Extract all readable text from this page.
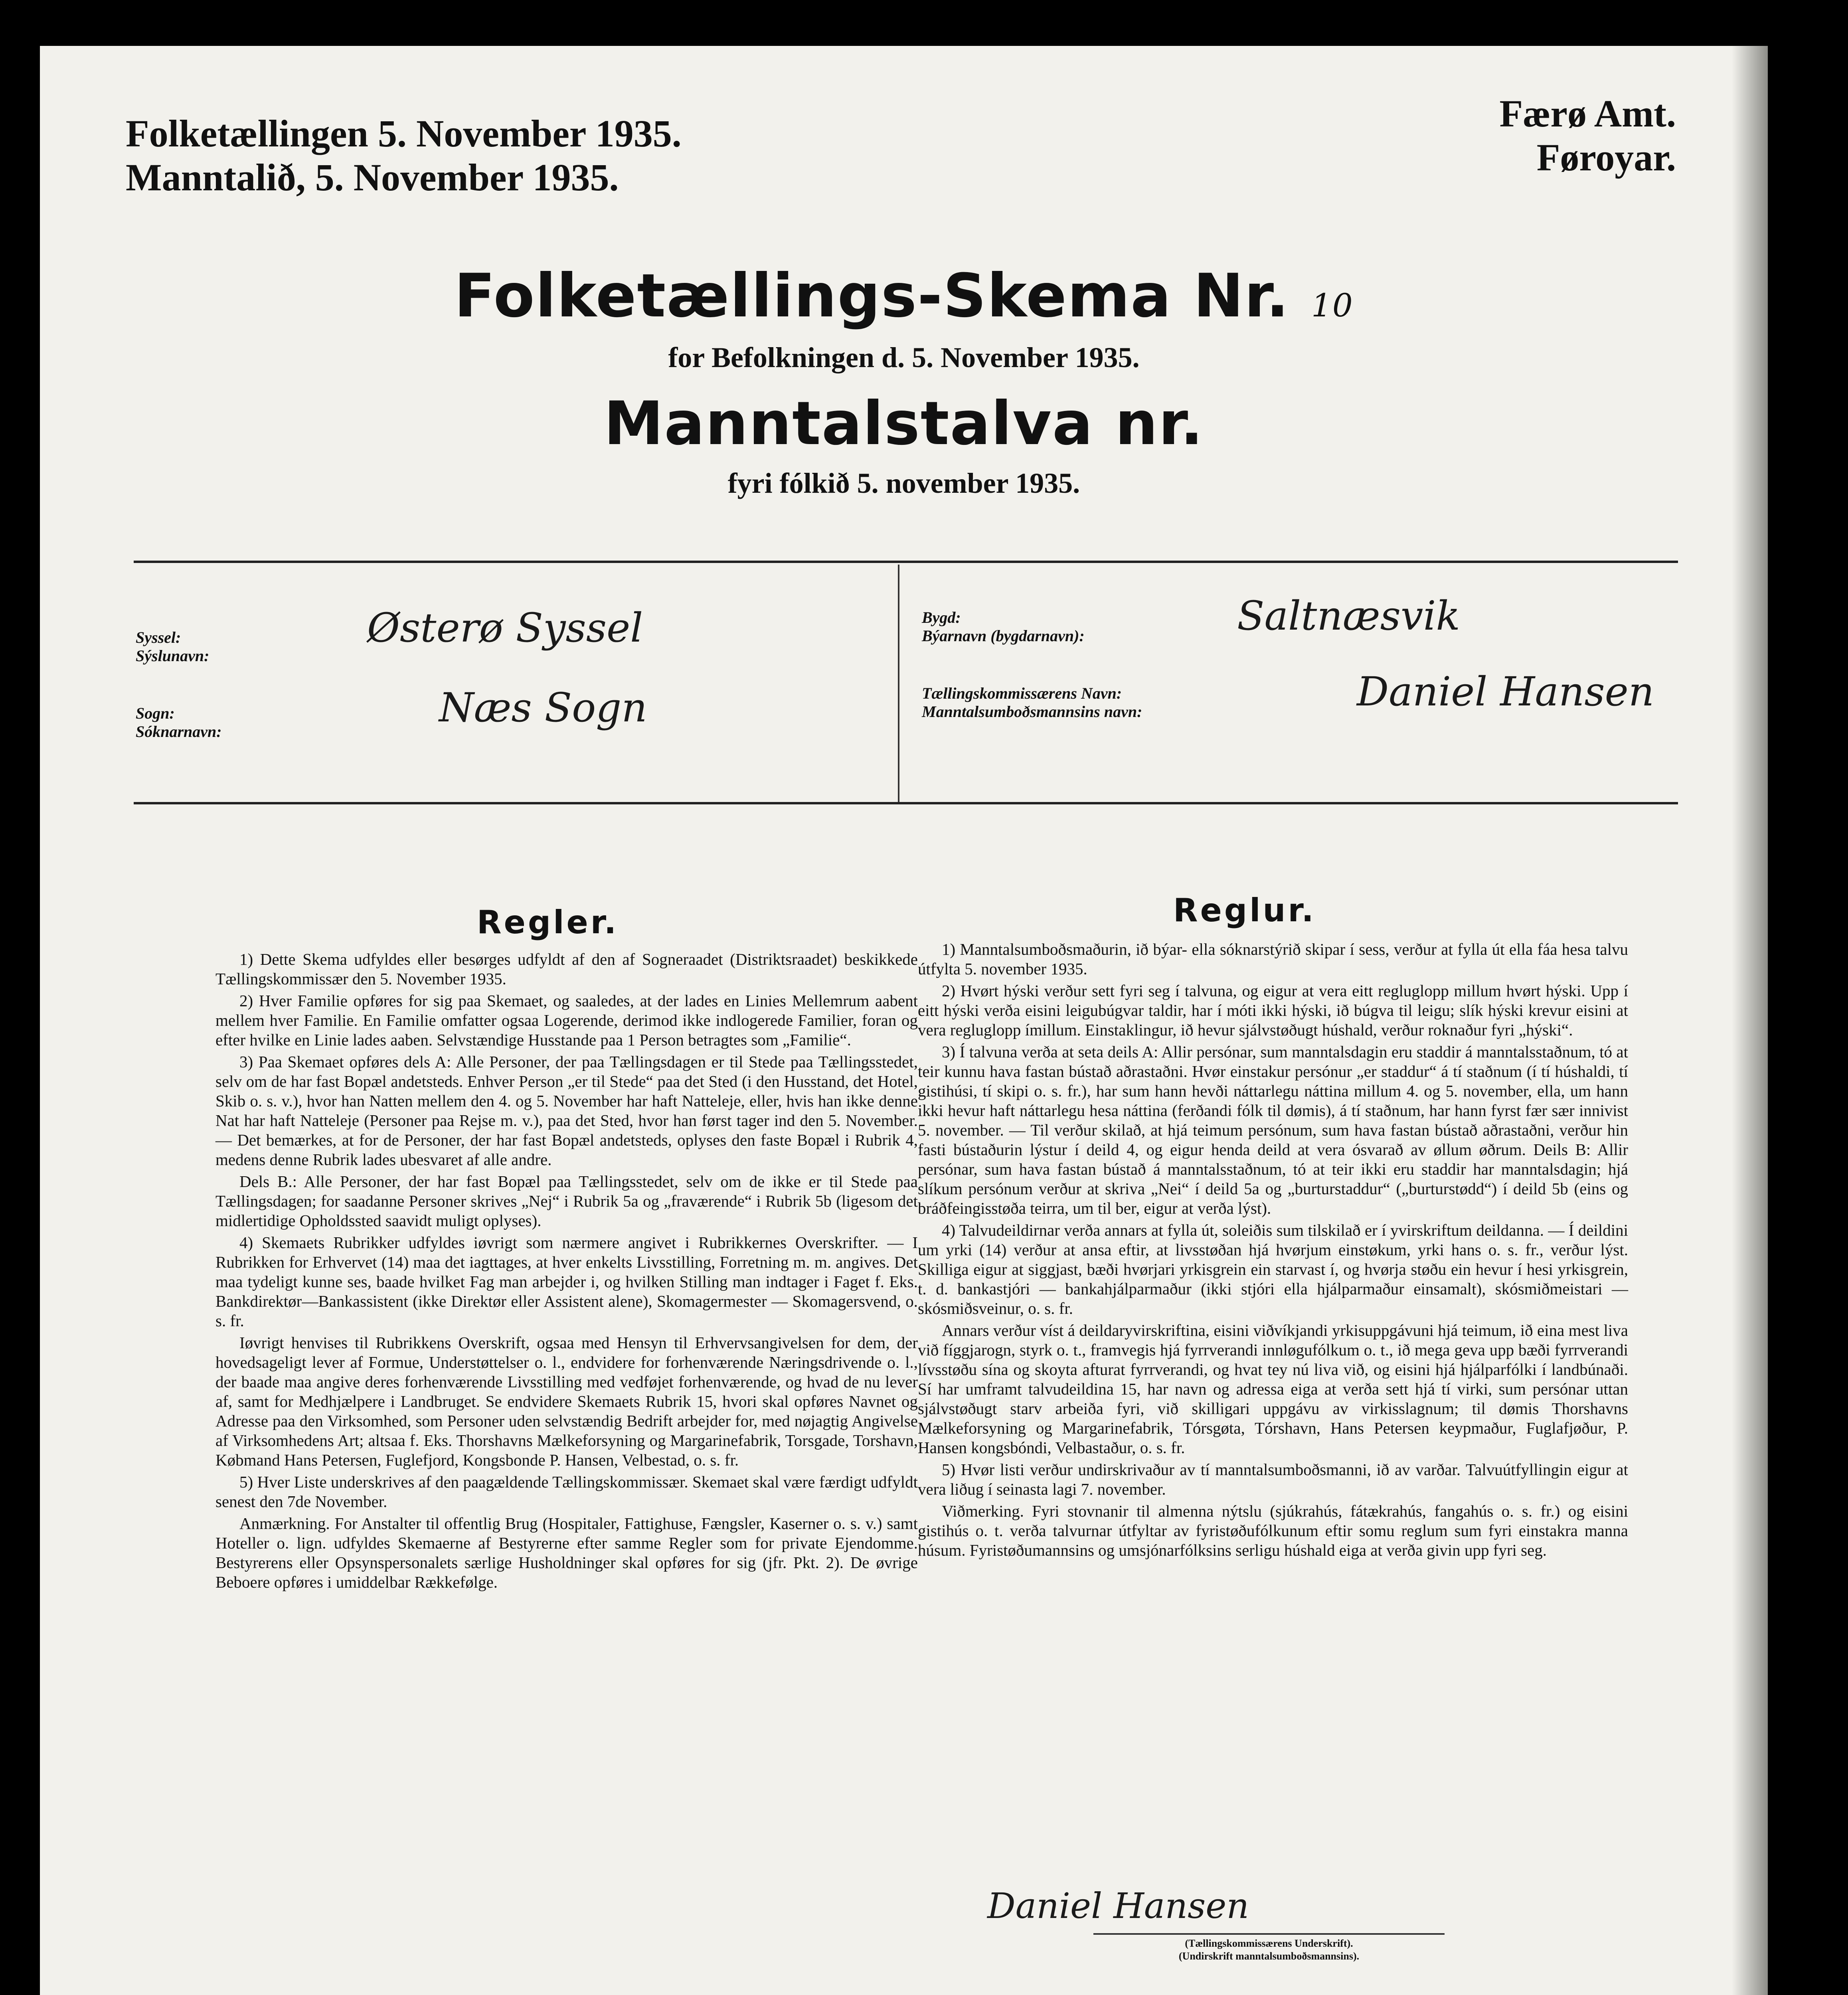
Folketællingen 5. November 1935.
Manntalið, 5. November 1935.
Færø Amt.
Føroyar.
Folketællings-Skema Nr. 10
for Befolkningen d. 5. November 1935.
Manntalstalva nr.
fyri fólkið 5. november 1935.
Syssel:
Sýslunavn:
Østerø Syssel
Sogn:
Sóknarnavn:
Næs Sogn
Bygd:
Býarnavn (bygdarnavn):	Saltnæsvik
Tællingskommissærens Navn:
Manntalsumboðsmannsins navn:	Daniel Hansen
Regler.

1) Dette Skema udfyldes eller besørges udfyldt af den af Sogneraadet (Distriktsraadet) beskikkede Tællingskommissær den 5. November 1935.

2) Hver Familie opføres for sig paa Skemaet, og saaledes, at der lades en Linies Mellemrum aabent mellem hver Familie. En Familie omfatter ogsaa Logerende, derimod ikke indlogerede Familier, foran og efter hvilke en Linie lades aaben. Selvstændige Husstande paa 1 Person betragtes som „Familie“.

3) Paa Skemaet opføres dels A: Alle Personer, der paa Tællingsdagen er til Stede paa Tællingsstedet, selv om de har fast Bopæl andetsteds. Enhver Person „er til Stede“ paa det Sted (i den Husstand, det Hotel, Skib o. s. v.), hvor han Natten mellem den 4. og 5. November har haft Natteleje, eller, hvis han ikke denne Nat har haft Natteleje (Personer paa Rejse m. v.), paa det Sted, hvor han først tager ind den 5. November. — Det bemærkes, at for de Personer, der har fast Bopæl andetsteds, oplyses den faste Bopæl i Rubrik 4, medens denne Rubrik lades ubesvaret af alle andre.

Dels B.: Alle Personer, der har fast Bopæl paa Tællingsstedet, selv om de ikke er til Stede paa Tællingsdagen; for saadanne Personer skrives „Nej“ i Rubrik 5a og „fraværende“ i Rubrik 5b (ligesom det midlertidige Opholdssted saavidt muligt oplyses).

4) Skemaets Rubrikker udfyldes iøvrigt som nærmere angivet i Rubrikkernes Overskrifter. — I Rubrikken for Erhvervet (14) maa det iagttages, at hver enkelts Livsstilling, Forretning m. m. angives. Det maa tydeligt kunne ses, baade hvilket Fag man arbejder i, og hvilken Stilling man indtager i Faget f. Eks. Bankdirektør—Bankassistent (ikke Direktør eller Assistent alene), Skomagermester — Skomagersvend, o. s. fr.

Iøvrigt henvises til Rubrikkens Overskrift, ogsaa med Hensyn til Erhvervsangivelsen for dem, der hovedsageligt lever af Formue, Understøttelser o. l., endvidere for forhenværende Næringsdrivende o. l., der baade maa angive deres forhenværende Livsstilling med vedføjet forhenværende, og hvad de nu lever af, samt for Medhjælpere i Landbruget. Se endvidere Skemaets Rubrik 15, hvori skal opføres Navnet og Adresse paa den Virksomhed, som Personer uden selvstændig Bedrift arbejder for, med nøjagtig Angivelse af Virksomhedens Art; altsaa f. Eks. Thorshavns Mælkeforsyning og Margarinefabrik, Torsgade, Torshavn, Købmand Hans Petersen, Fuglefjord, Kongsbonde P. Hansen, Velbestad, o. s. fr.

5) Hver Liste underskrives af den paagældende Tællingskommissær. Skemaet skal være færdigt udfyldt senest den 7de November.

Anmærkning. For Anstalter til offentlig Brug (Hospitaler, Fattighuse, Fængsler, Kaserner o. s. v.) samt Hoteller o. lign. udfyldes Skemaerne af Bestyrerne efter samme Regler som for private Ejendomme. Bestyrerens eller Opsynspersonalets særlige Husholdninger skal opføres for sig (jfr. Pkt. 2). De øvrige Beboere opføres i umiddelbar Rækkefølge.

Reglur.

1) Manntalsumboðsmaðurin, ið býar- ella sóknarstýrið skipar í sess, verður at fylla út ella fáa hesa talvu útfylta 5. november 1935.

2) Hvørt hýski verður sett fyri seg í talvuna, og eigur at vera eitt regluglopp millum hvørt hýski. Upp í eitt hýski verða eisini leigubúgvar taldir, har í móti ikki hýski, ið búgva til leigu; slík hýski krevur eisini at vera regluglopp ímillum. Einstaklingur, ið hevur sjálvstøðugt húshald, verður roknaður fyri „hýski“.

3) Í talvuna verða at seta deils A: Allir persónar, sum manntalsdagin eru staddir á manntalsstaðnum, tó at teir kunnu hava fastan bústað aðrastaðni. Hvør einstakur persónur „er staddur“ á tí staðnum (í tí húshaldi, tí gistihúsi, tí skipi o. s. fr.), har sum hann hevði náttarlegu náttina millum 4. og 5. november, ella, um hann ikki hevur haft náttarlegu hesa náttina (ferðandi fólk til dømis), á tí staðnum, har hann fyrst fær sær innivist 5. november. — Til verður skilað, at hjá teimum persónum, sum hava fastan bústað aðrastaðni, verður hin fasti bústaðurin lýstur í deild 4, og eigur henda deild at vera ósvarað av øllum øðrum. Deils B: Allir persónar, sum hava fastan bústað á manntalsstaðnum, tó at teir ikki eru staddir har manntalsdagin; hjá slíkum persónum verður at skriva „Nei“ í deild 5a og „burturstaddur“ („burturstødd“) í deild 5b (eins og bráðfeingisstøða teirra, um til ber, eigur at verða lýst).

4) Talvudeildirnar verða annars at fylla út, soleiðis sum tilskilað er í yvirskriftum deildanna. — Í deildini um yrki (14) verður at ansa eftir, at livsstøðan hjá hvørjum einstøkum, yrki hans o. s. fr., verður lýst. Skilliga eigur at siggjast, bæði hvørjari yrkisgrein ein starvast í, og hvørja støðu ein hevur í hesi yrkisgrein, t. d. bankastjóri — bankahjálparmaður (ikki stjóri ella hjálparmaður einsamalt), skósmiðmeistari — skósmiðsveinur, o. s. fr.

Annars verður víst á deildaryvirskriftina, eisini viðvíkjandi yrkisuppgávuni hjá teimum, ið eina mest liva við fíggjarogn, styrk o. t., framvegis hjá fyrrverandi innløgufólkum o. t., ið mega geva upp bæði fyrrverandi lívsstøðu sína og skoyta afturat fyrrverandi, og hvat tey nú liva við, og eisini hjá hjálparfólki í landbúnaði. Sí har umframt talvudeildina 15, har navn og adressa eiga at verða sett hjá tí virki, sum persónar uttan sjálvstøðugt starv arbeiða fyri, við skilligari uppgávu av virkisslagnum; til dømis Thorshavns Mælkeforsyning og Margarinefabrik, Tórsgøta, Tórshavn, Hans Petersen keypmaður, Fuglafjøður, P. Hansen kongsbóndi, Velbastaður, o. s. fr.

5) Hvør listi verður undirskrivaður av tí manntalsumboðsmanni, ið av varðar. Talvuútfyllingin eigur at vera liðug í seinasta lagi 7. november.

Viðmerking. Fyri stovnanir til almenna nýtslu (sjúkrahús, fátækrahús, fangahús o. s. fr.) og eisini gistihús o. t. verða talvurnar útfyltar av fyristøðufólkunum eftir somu reglum sum fyri einstakra manna húsum. Fyristøðumannsins og umsjónarfólksins serligu húshald eiga at verða givin upp fyri seg.

Daniel Hansen
(Tællingskommissærens Underskrift).
(Undirskrift manntalsumboðsmannsins).
